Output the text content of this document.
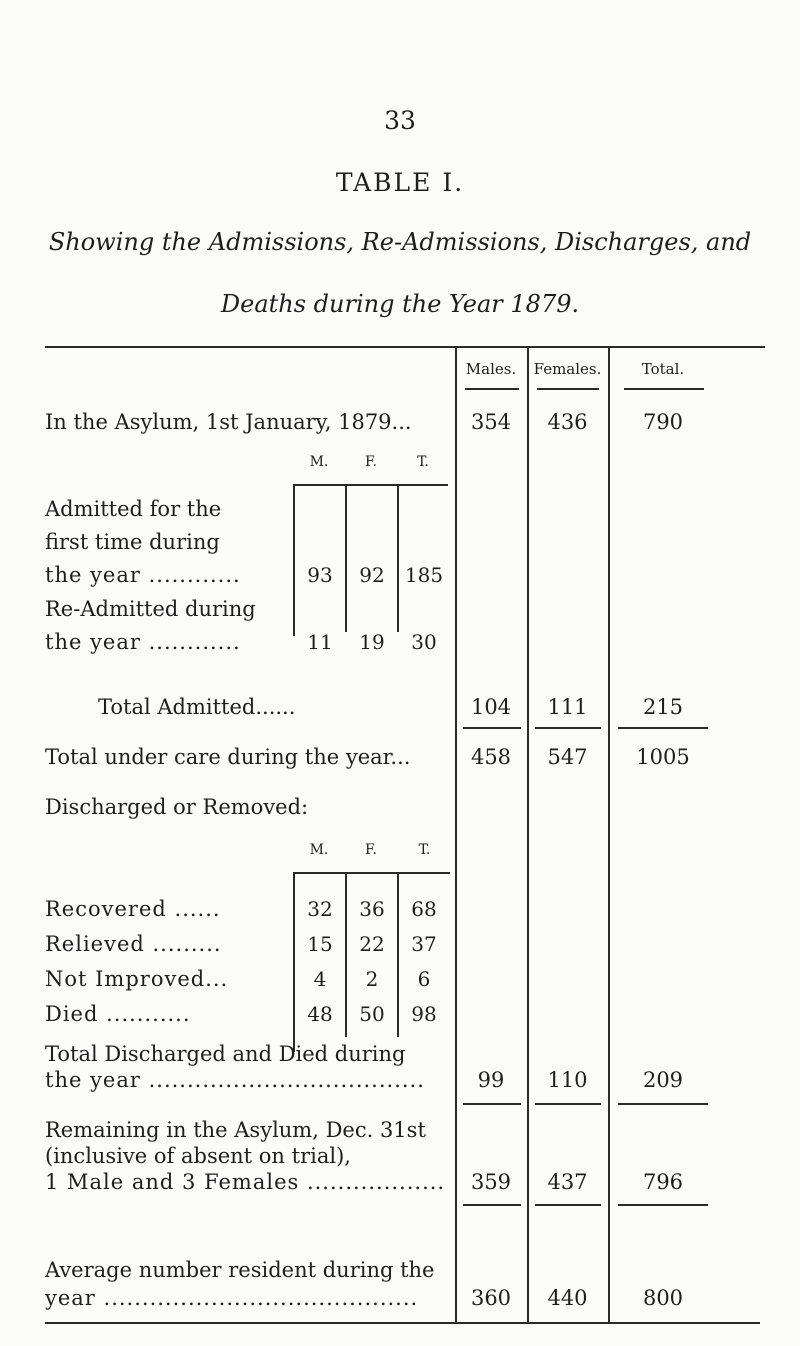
33
TABLE I.
Showing the Admissions, Re-Admissions, Discharges, and
Deaths during the Year 1879.
Males.	Females.	Total.
In the Asylum, 1st January, 1879...	354	436	790
M.	F.	T.
Admitted for the
first time during
the year ............	93	92	185
Re-Admitted during
the year ............	11	19	30
Total Admitted......	104	111	215
Total under care during the year...	458	547	1005
Discharged or Removed:
M.	F.	T.
Recovered ......	32	36	68
Relieved .........	15	22	37
Not Improved...	4	2	6
Died ...........	48	50	98
Total Discharged and Died during
the year ....................................	99	110	209
Remaining in the Asylum, Dec. 31st
(inclusive of absent on trial),
1 Male and 3 Females ..................	359	437	796
Average number resident during the
year .........................................	360	440	800
